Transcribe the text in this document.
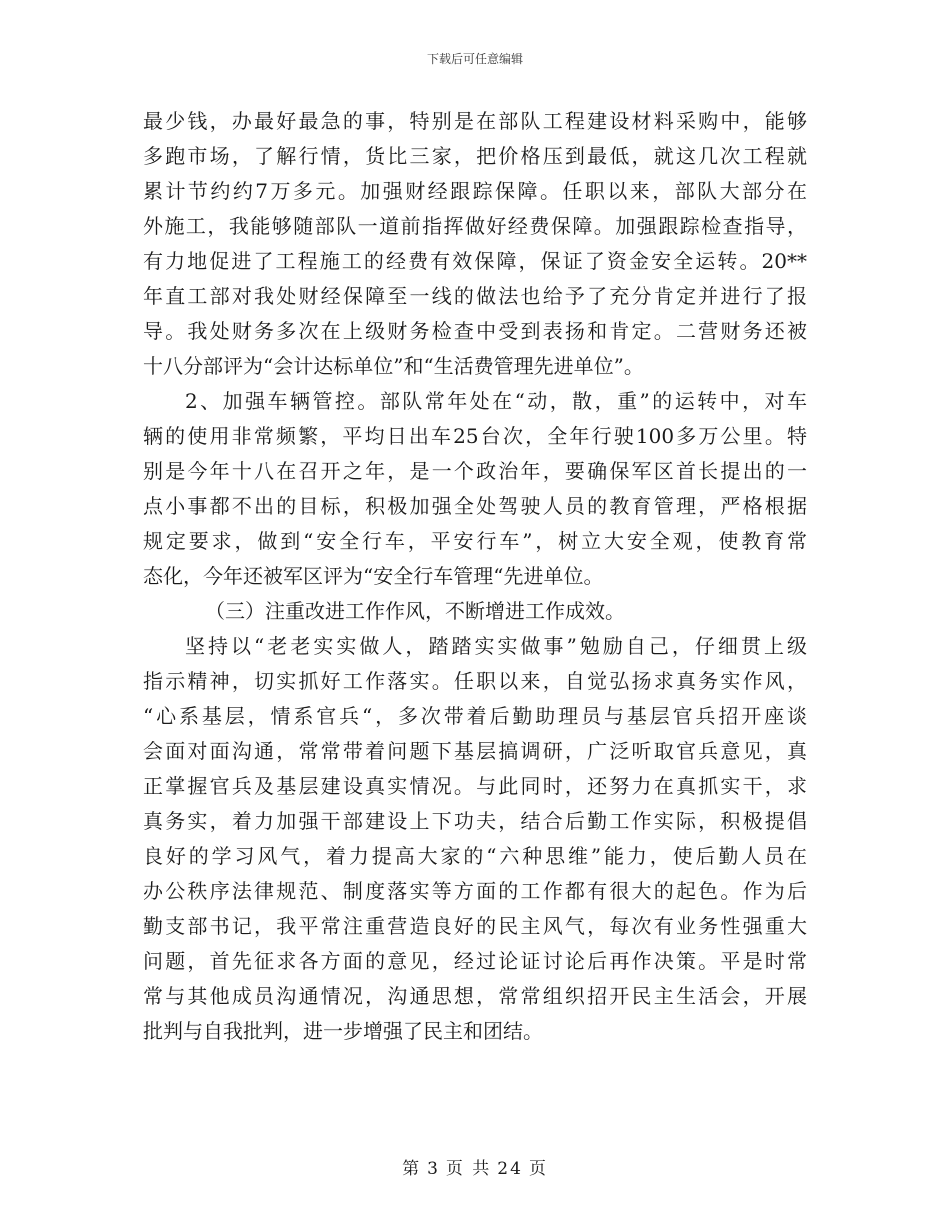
下载后可任意编辑
最少钱，办最好最急的事，特别是在部队工程建设材料采购中，能够
多跑市场，了解行情，货比三家，把价格压到最低，就这几次工程就
累计节约约7万多元。加强财经跟踪保障。任职以来，部队大部分在
外施工，我能够随部队一道前指挥做好经费保障。加强跟踪检查指导，
有力地促进了工程施工的经费有效保障，保证了资金安全运转。20**
年直工部对我处财经保障至一线的做法也给予了充分肯定并进行了报
导。我处财务多次在上级财务检查中受到表扬和肯定。二营财务还被
十八分部评为“会计达标单位”和“生活费管理先进单位”。
2、加强车辆管控。部队常年处在“动，散，重”的运转中，对车
辆的使用非常频繁，平均日出车25台次，全年行驶100多万公里。特
别是今年十八在召开之年，是一个政治年，要确保军区首长提出的一
点小事都不出的目标，积极加强全处驾驶人员的教育管理，严格根据
规定要求，做到“安全行车，平安行车”，树立大安全观，使教育常
态化，今年还被军区评为“安全行车管理“先进单位。
（三）注重改进工作作风，不断增进工作成效。
坚持以“老老实实做人，踏踏实实做事”勉励自己，仔细贯上级
指示精神，切实抓好工作落实。任职以来，自觉弘扬求真务实作风，
“心系基层，情系官兵“，多次带着后勤助理员与基层官兵招开座谈
会面对面沟通，常常带着问题下基层搞调研，广泛听取官兵意见，真
正掌握官兵及基层建设真实情况。与此同时，还努力在真抓实干，求
真务实，着力加强干部建设上下功夫，结合后勤工作实际，积极提倡
良好的学习风气，着力提高大家的“六种思维”能力，使后勤人员在
办公秩序法律规范、制度落实等方面的工作都有很大的起色。作为后
勤支部书记，我平常注重营造良好的民主风气，每次有业务性强重大
问题，首先征求各方面的意见，经过论证讨论后再作决策。平是时常
常与其他成员沟通情况，沟通思想，常常组织招开民主生活会，开展
批判与自我批判，进一步增强了民主和团结。
第 3 页 共 24 页
